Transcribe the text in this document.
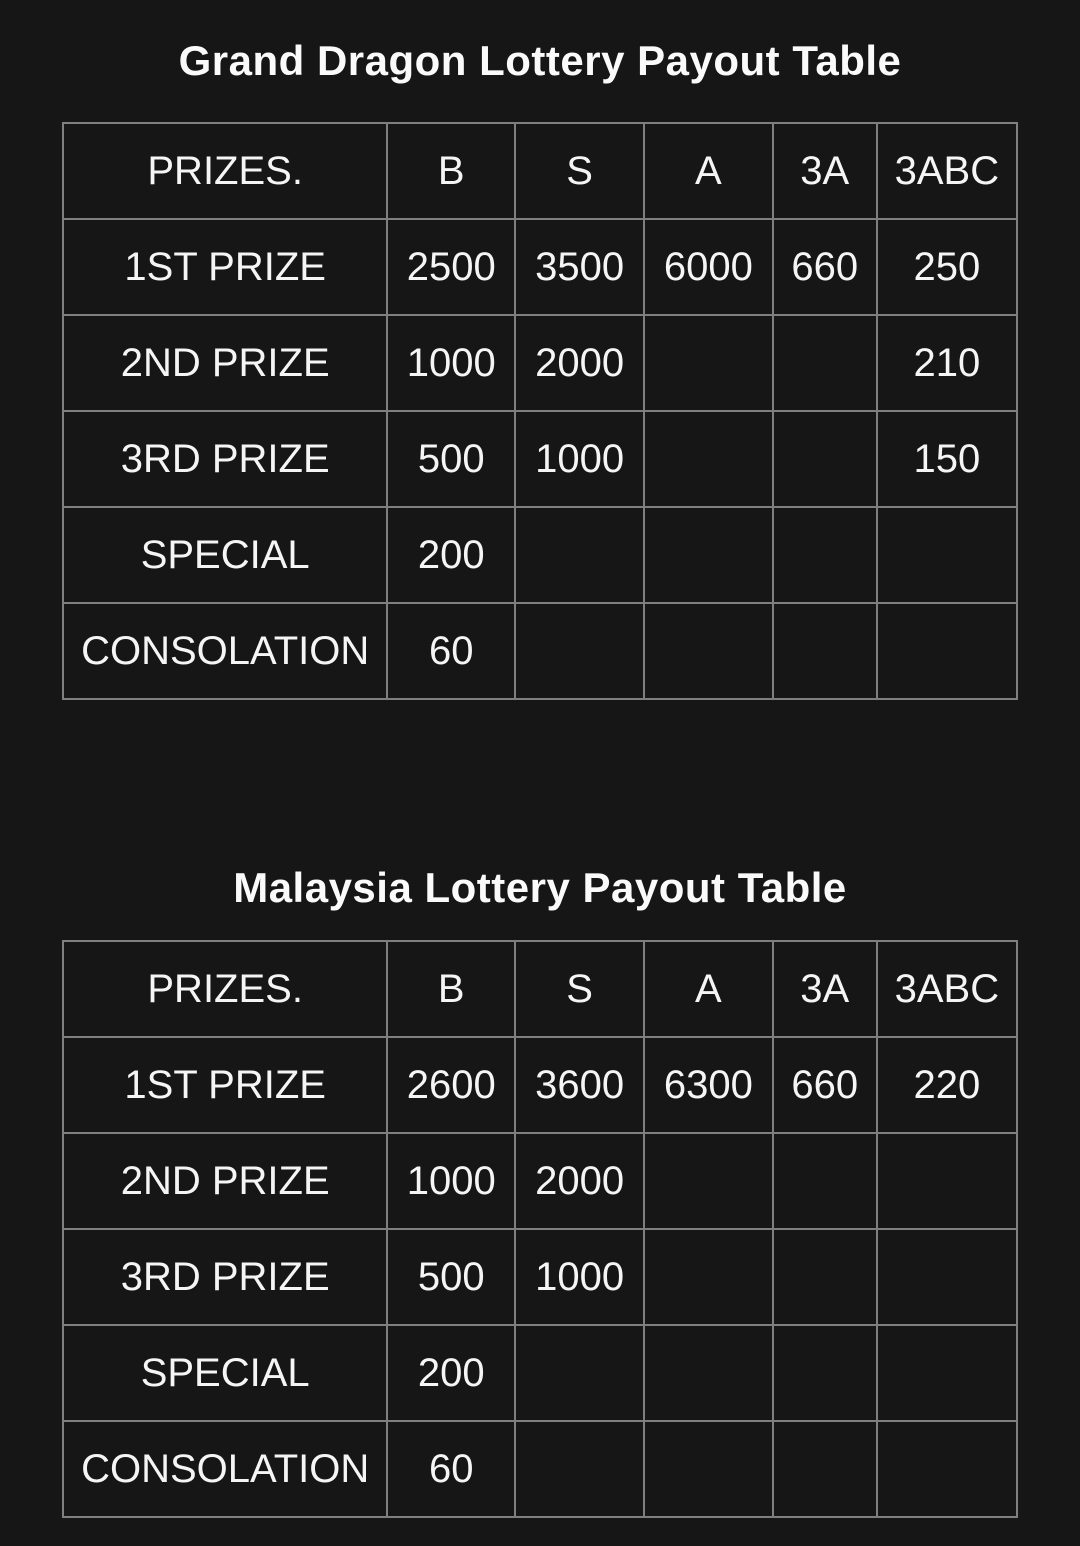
Grand Dragon Lottery Payout Table
PRIZES.	B	S	A	3A	3ABC
1ST PRIZE	2500	3500	6000	660	250
2ND PRIZE	1000	2000			210
3RD PRIZE	500	1000			150
SPECIAL	200				
CONSOLATION	60				
Malaysia Lottery Payout Table
PRIZES.	B	S	A	3A	3ABC
1ST PRIZE	2600	3600	6300	660	220
2ND PRIZE	1000	2000			
3RD PRIZE	500	1000			
SPECIAL	200				
CONSOLATION	60				
